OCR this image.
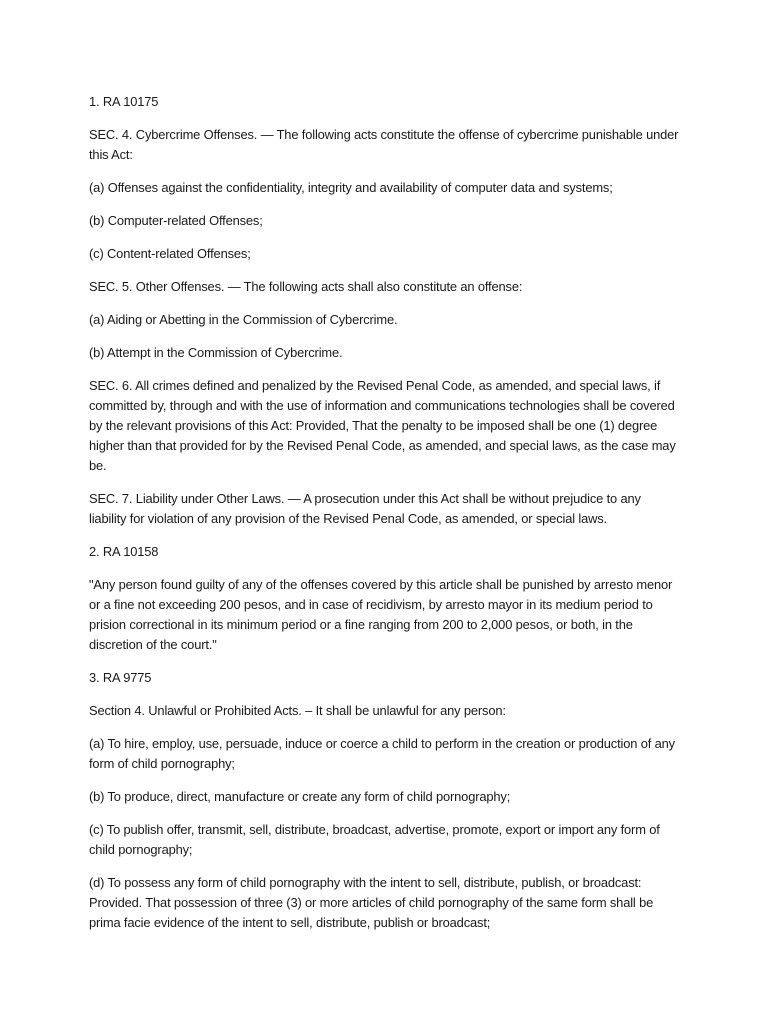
1. RA 10175

SEC. 4. Cybercrime Offenses. — The following acts constitute the offense of cybercrime punishable under this Act:

(a) Offenses against the confidentiality, integrity and availability of computer data and systems;

(b) Computer-related Offenses;

(c) Content-related Offenses;

SEC. 5. Other Offenses. — The following acts shall also constitute an offense:

(a) Aiding or Abetting in the Commission of Cybercrime.

(b) Attempt in the Commission of Cybercrime.

SEC. 6. All crimes defined and penalized by the Revised Penal Code, as amended, and special laws, if committed by, through and with the use of information and communications technologies shall be covered by the relevant provisions of this Act: Provided, That the penalty to be imposed shall be one (1) degree higher than that provided for by the Revised Penal Code, as amended, and special laws, as the case may be.

SEC. 7. Liability under Other Laws. — A prosecution under this Act shall be without prejudice to any liability for violation of any provision of the Revised Penal Code, as amended, or special laws.

2. RA 10158

"Any person found guilty of any of the offenses covered by this article shall be punished by arresto menor or a fine not exceeding 200 pesos, and in case of recidivism, by arresto mayor in its medium period to prision correctional in its minimum period or a fine ranging from 200 to 2,000 pesos, or both, in the discretion of the court."

3. RA 9775

Section 4. Unlawful or Prohibited Acts. – It shall be unlawful for any person:

(a) To hire, employ, use, persuade, induce or coerce a child to perform in the creation or production of any form of child pornography;

(b) To produce, direct, manufacture or create any form of child pornography;

(c) To publish offer, transmit, sell, distribute, broadcast, advertise, promote, export or import any form of child pornography;

(d) To possess any form of child pornography with the intent to sell, distribute, publish, or broadcast: Provided. That possession of three (3) or more articles of child pornography of the same form shall be prima facie evidence of the intent to sell, distribute, publish or broadcast;
